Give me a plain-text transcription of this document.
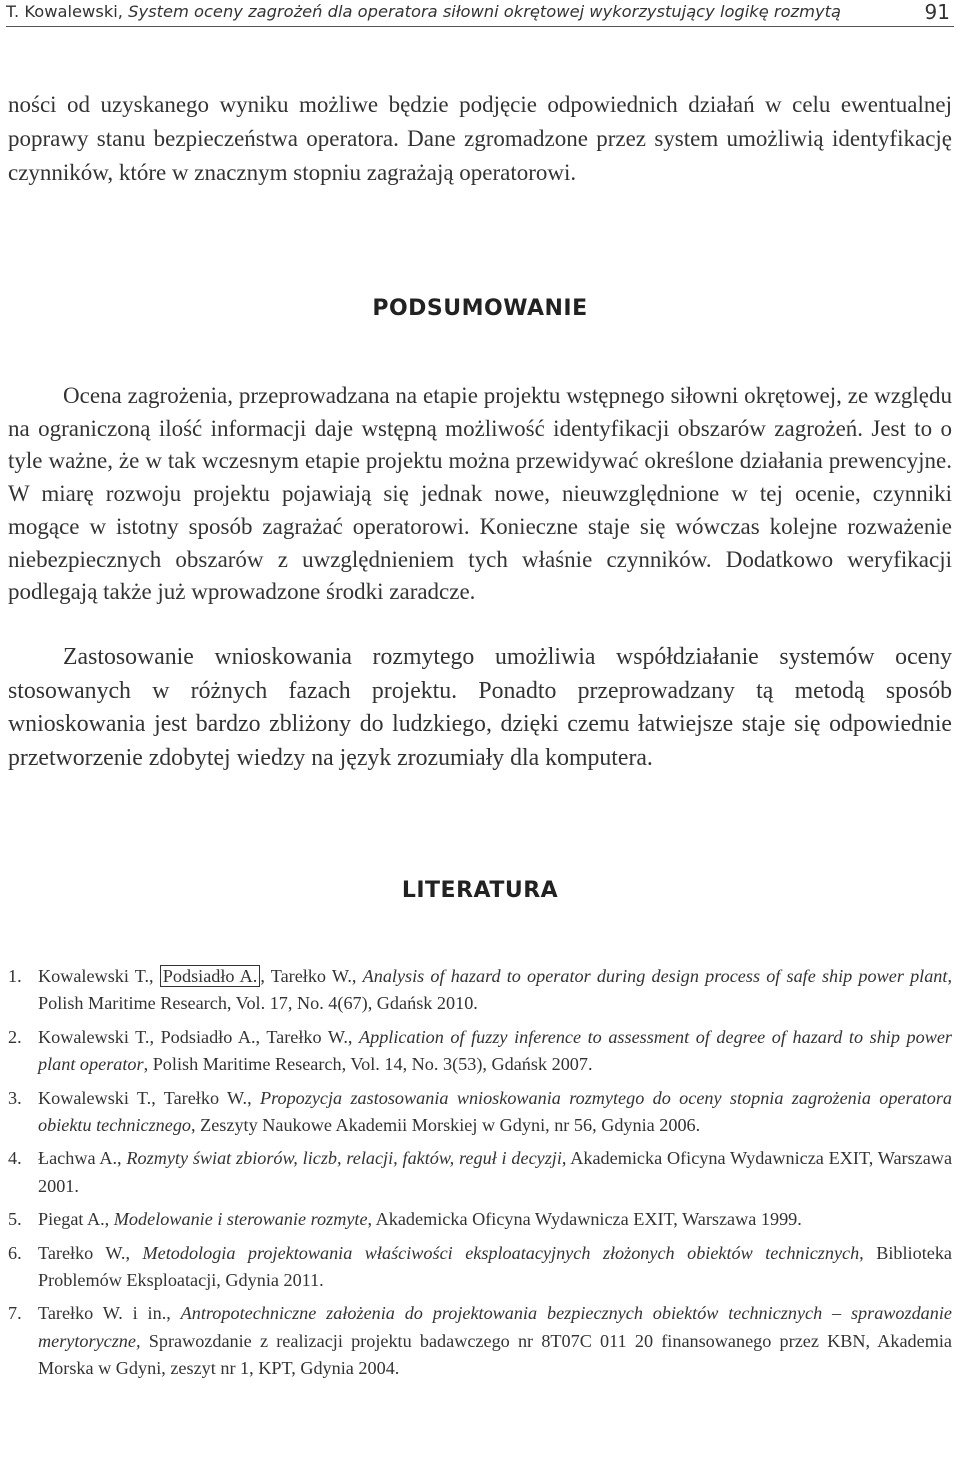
T. Kowalewski, System oceny zagrożeń dla operatora siłowni okrętowej wykorzystujący logikę rozmytą	91
ności od uzyskanego wyniku możliwe będzie podjęcie odpowiednich działań w celu ewentualnej poprawy stanu bezpieczeństwa operatora. Dane zgromadzone przez system umożliwią identyfikację czynników, które w znacznym stopniu zagrażają operatorowi.
PODSUMOWANIE
Ocena zagrożenia, przeprowadzana na etapie projektu wstępnego siłowni okrętowej, ze względu na ograniczoną ilość informacji daje wstępną możliwość identyfikacji obszarów zagrożeń. Jest to o tyle ważne, że w tak wczesnym etapie projektu można przewidywać określone działania prewencyjne. W miarę rozwoju projektu pojawiają się jednak nowe, nieuwzględnione w tej ocenie, czynniki mogące w istotny sposób zagrażać operatorowi. Konieczne staje się wówczas kolejne rozważenie niebezpiecznych obszarów z uwzględnieniem tych właśnie czynników. Dodatkowo weryfikacji podlegają także już wprowadzone środki zaradcze.
Zastosowanie wnioskowania rozmytego umożliwia współdziałanie systemów oceny stosowanych w różnych fazach projektu. Ponadto przeprowadzany tą metodą sposób wnioskowania jest bardzo zbliżony do ludzkiego, dzięki czemu łatwiejsze staje się odpowiednie przetworzenie zdobytej wiedzy na język zrozumiały dla komputera.
LITERATURA
1. Kowalewski T., Podsiadło A. , Tarełko W., Analysis of hazard to operator during design process of safe ship power plant, Polish Maritime Research, Vol. 17, No. 4(67), Gdańsk 2010.
2. Kowalewski T., Podsiadło A., Tarełko W., Application of fuzzy inference to assessment of degree of hazard to ship power plant operator, Polish Maritime Research, Vol. 14, No. 3(53), Gdańsk 2007.
3. Kowalewski T., Tarełko W., Propozycja zastosowania wnioskowania rozmytego do oceny stopnia zagrożenia operatora obiektu technicznego, Zeszyty Naukowe Akademii Morskiej w Gdyni, nr 56, Gdynia 2006.
4. Łachwa A., Rozmyty świat zbiorów, liczb, relacji, faktów, reguł i decyzji, Akademicka Oficyna Wydawnicza EXIT, Warszawa 2001.
5. Piegat A., Modelowanie i sterowanie rozmyte, Akademicka Oficyna Wydawnicza EXIT, Warszawa 1999.
6. Tarełko W., Metodologia projektowania właściwości eksploatacyjnych złożonych obiektów technicznych, Biblioteka Problemów Eksploatacji, Gdynia 2011.
7. Tarełko W. i in., Antropotechniczne założenia do projektowania bezpiecznych obiektów technicznych – sprawozdanie merytoryczne, Sprawozdanie z realizacji projektu badawczego nr 8T07C 011 20 finansowanego przez KBN, Akademia Morska w Gdyni, zeszyt nr 1, KPT, Gdynia 2004.
